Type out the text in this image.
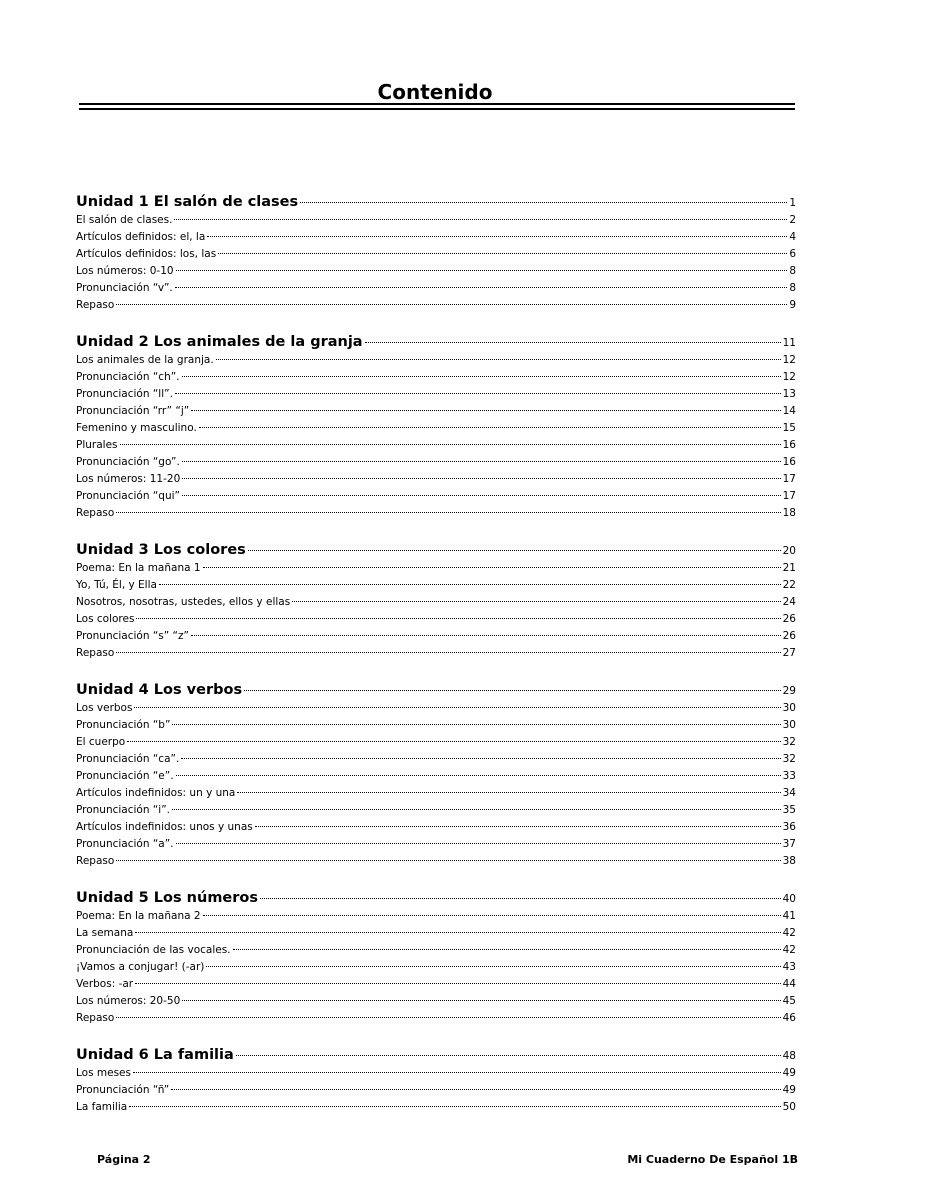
Contenido
Unidad 1 El salón de clases	1
El salón de clases.	2
Artículos definidos: el, la	4
Artículos definidos: los, las	6
Los números: 0-10	8
Pronunciación “v”.	8
Repaso	9
Unidad 2 Los animales de la granja	11
Los animales de la granja.	12
Pronunciación “ch”.	12
Pronunciación “ll”.	13
Pronunciación “rr” “j”	14
Femenino y masculino.	15
Plurales	16
Pronunciación “go”.	16
Los números: 11-20	17
Pronunciación “qui”	17
Repaso	18
Unidad 3 Los colores	20
Poema: En la mañana 1	21
Yo, Tú, Él, y Ella	22
Nosotros, nosotras, ustedes, ellos y ellas	24
Los colores	26
Pronunciación “s” “z”	26
Repaso	27
Unidad 4 Los verbos	29
Los verbos	30
Pronunciación “b”	30
El cuerpo	32
Pronunciación “ca”.	32
Pronunciación “e”.	33
Artículos indefinidos: un y una	34
Pronunciación “i”.	35
Artículos indefinidos: unos y unas	36
Pronunciación “a”.	37
Repaso	38
Unidad 5 Los números	40
Poema: En la mañana 2	41
La semana	42
Pronunciación de las vocales.	42
¡Vamos a conjugar! (-ar)	43
Verbos: -ar	44
Los números: 20-50	45
Repaso	46
Unidad 6 La familia	48
Los meses	49
Pronunciación “ñ”	49
La familia	50
Página 2	Mi Cuaderno De Español 1B
